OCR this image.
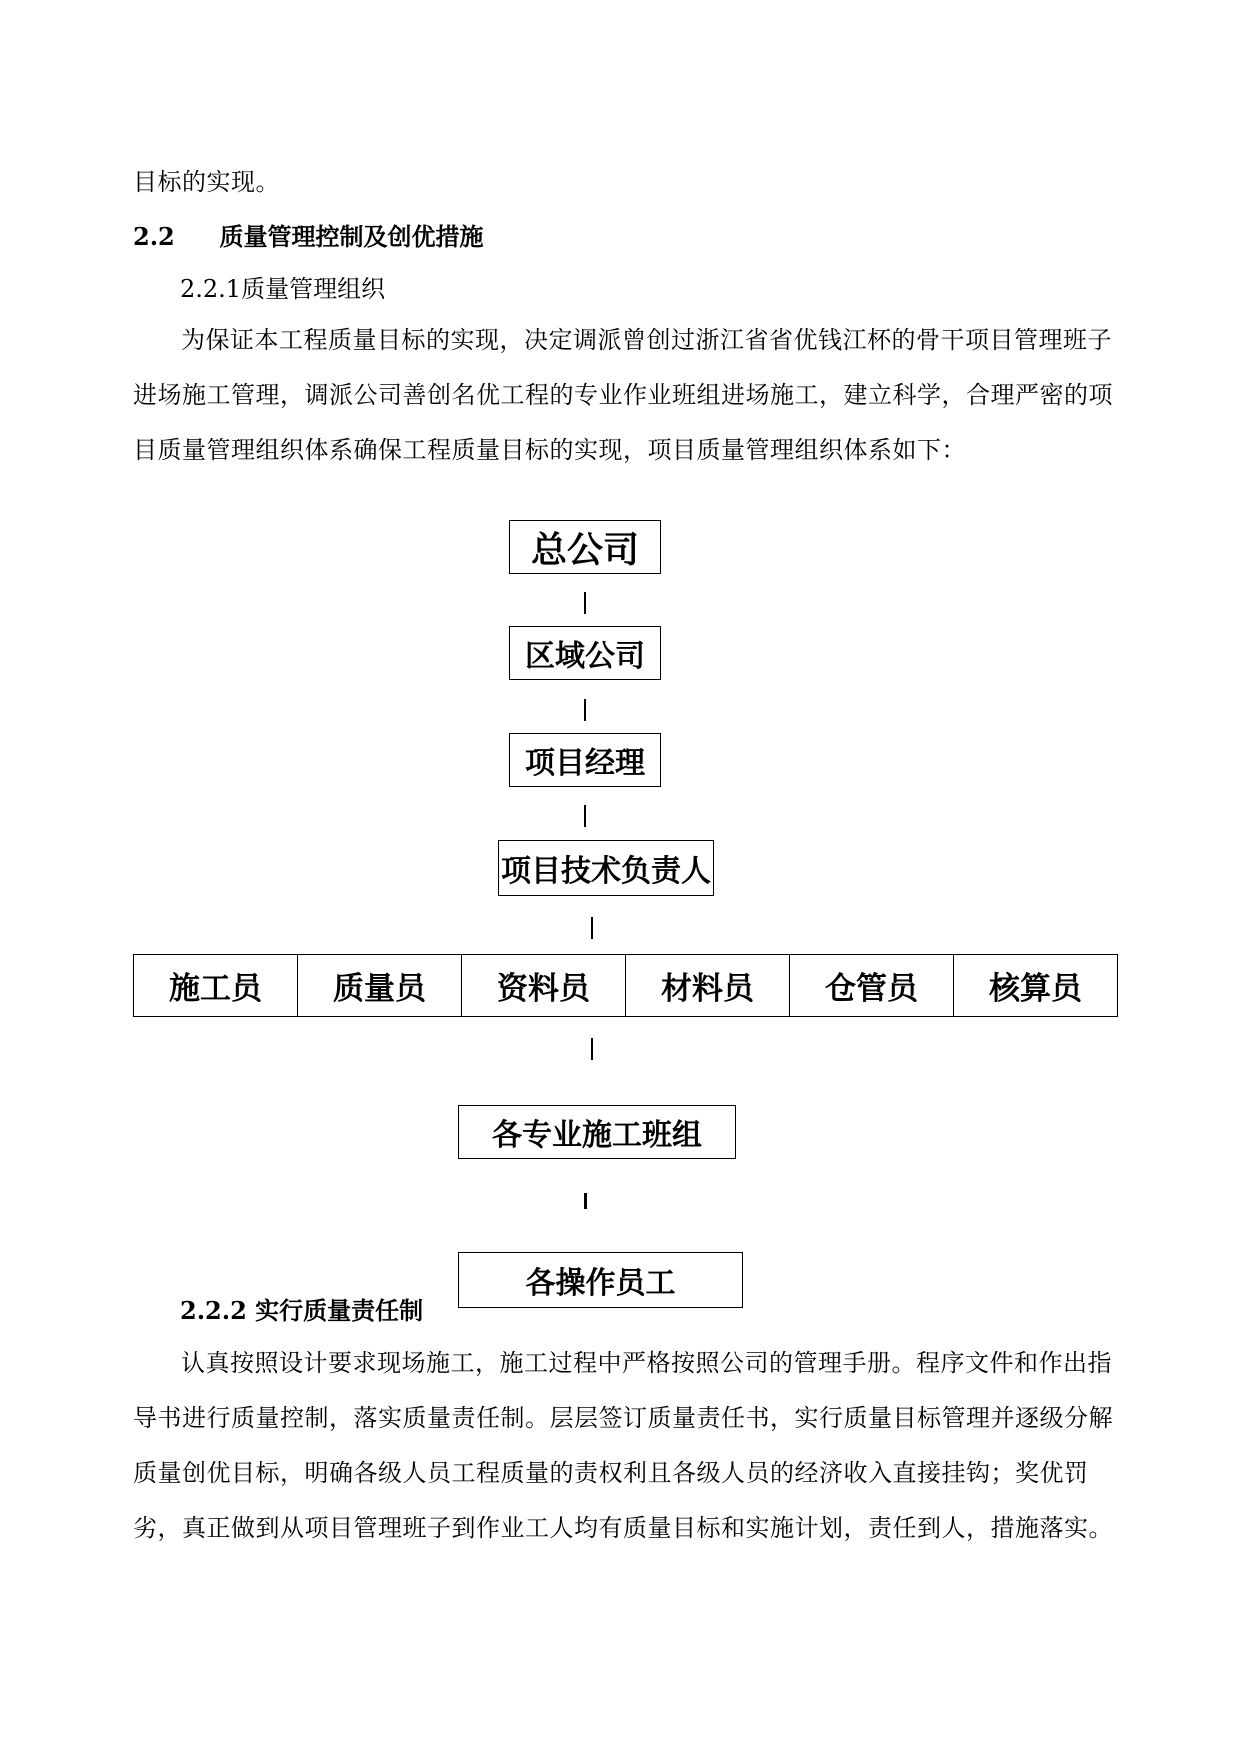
目标的实现。
2.2 质量管理控制及创优措施
2.2.1质量管理组织
为保证本工程质量目标的实现，决定调派曾创过浙江省省优钱江杯的骨干项目管理班子进场施工管理，调派公司善创名优工程的专业作业班组进场施工，建立科学，合理严密的项目质量管理组织体系确保工程质量目标的实现，项目质量管理组织体系如下：
总公司
区域公司
项目经理
项目技术负责人
施工员	质量员	资料员	材料员	仓管员	核算员
各专业施工班组
各操作员工
2.2.2 实行质量责任制
认真按照设计要求现场施工，施工过程中严格按照公司的管理手册。程序文件和作出指导书进行质量控制，落实质量责任制。层层签订质量责任书，实行质量目标管理并逐级分解质量创优目标，明确各级人员工程质量的责权利且各级人员的经济收入直接挂钩；奖优罚劣，真正做到从项目管理班子到作业工人均有质量目标和实施计划，责任到人，措施落实。
